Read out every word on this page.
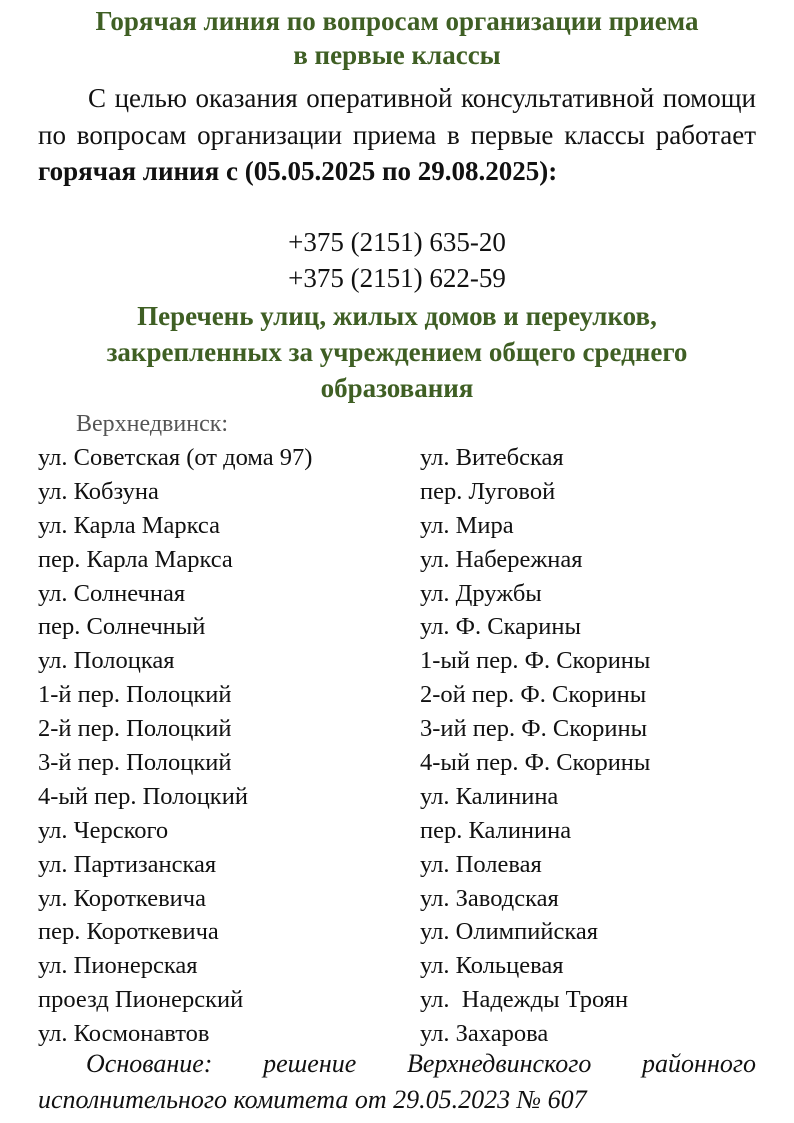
Горячая линия по вопросам организации приема
в первые классы
С целью оказания оперативной консультативной помощи по вопросам организации приема в первые классы работает горячая линия с (05.05.2025 по 29.08.2025):
+375 (2151) 635-20
+375 (2151) 622-59
Перечень улиц, жилых домов и переулков,
закрепленных за учреждением общего среднего
образования
Верхнедвинск:
ул. Советская (от дома 97)
ул. Кобзуна
ул. Карла Маркса
пер. Карла Маркса
ул. Солнечная
пер. Солнечный
ул. Полоцкая
1-й пер. Полоцкий
2-й пер. Полоцкий
3-й пер. Полоцкий
4-ый пер. Полоцкий
ул. Черского
ул. Партизанская
ул. Короткевича
пер. Короткевича
ул. Пионерская
проезд Пионерский
ул. Космонавтов
ул. Витебская
пер. Луговой
ул. Мира
ул. Набережная
ул. Дружбы
ул. Ф. Скарины
1-ый пер. Ф. Скорины
2-ой пер. Ф. Скорины
3-ий пер. Ф. Скорины
4-ый пер. Ф. Скорины
ул. Калинина
пер. Калинина
ул. Полевая
ул. Заводская
ул. Олимпийская
ул. Кольцевая
ул.  Надежды Троян
ул. Захарова
Основание: решение Верхнедвинского районного исполнительного комитета от 29.05.2023 № 607
